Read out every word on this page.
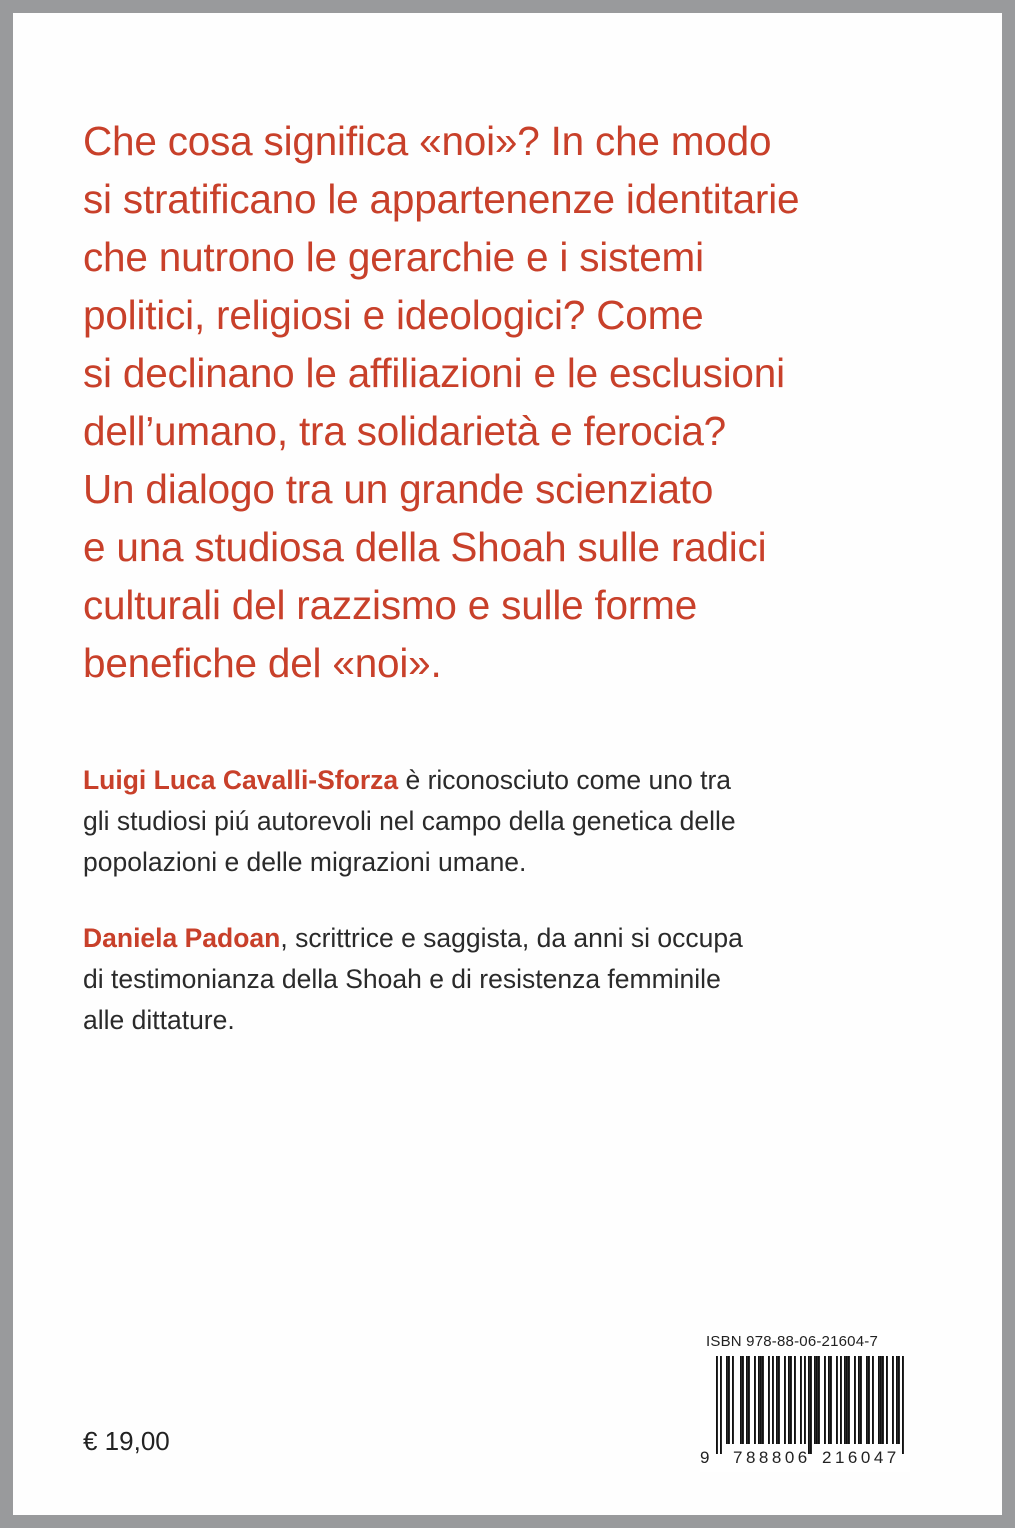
Che cosa significa «noi»? In che modo
si stratificano le appartenenze identitarie
che nutrono le gerarchie e i sistemi
politici, religiosi e ideologici? Come
si declinano le affiliazioni e le esclusioni
dell’umano, tra solidarietà e ferocia?
Un dialogo tra un grande scienziato
e una studiosa della Shoah sulle radici
culturali del razzismo e sulle forme
benefiche del «noi».
Luigi Luca Cavalli-Sforza è riconosciuto come uno tra
gli studiosi piú autorevoli nel campo della genetica delle
popolazioni e delle migrazioni umane.
Daniela Padoan, scrittrice e saggista, da anni si occupa
di testimonianza della Shoah e di resistenza femminile
alle dittature.
€ 19,00
ISBN 978-88-06-21604-7
9 788806 216047
